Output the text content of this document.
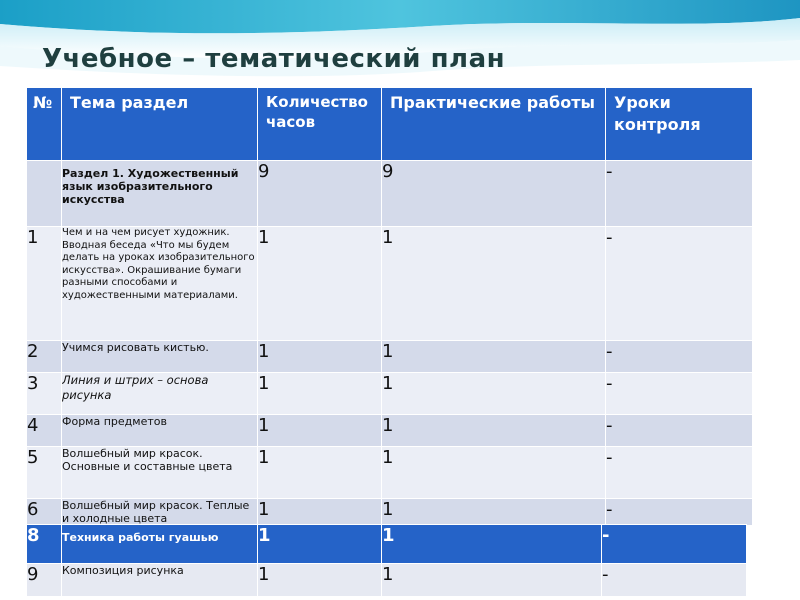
Учебное – тематический план
№	Тема раздел	Количество часов	Практические работы	Уроки контроля
	Раздел 1. Художественный язык изобразительного искусства	9	9	-
1	Чем и на чем рисует художник. Вводная беседа «Что мы будем делать на уроках изобразительного искусства». Окрашивание бумаги разными способами и художественными материалами.	1	1	-
2	Учимся рисовать кистью.	1	1	-
3	Линия и штрих – основа рисунка	1	1	-
4	Форма предметов	1	1	-
5	Волшебный мир красок. Основные и составные цвета	1	1	-
6	Волшебный мир красок. Теплые и холодные цвета	1	1	-
8	Техника работы гуашью	1	1	-
9	Композиция рисунка	1	1	-
